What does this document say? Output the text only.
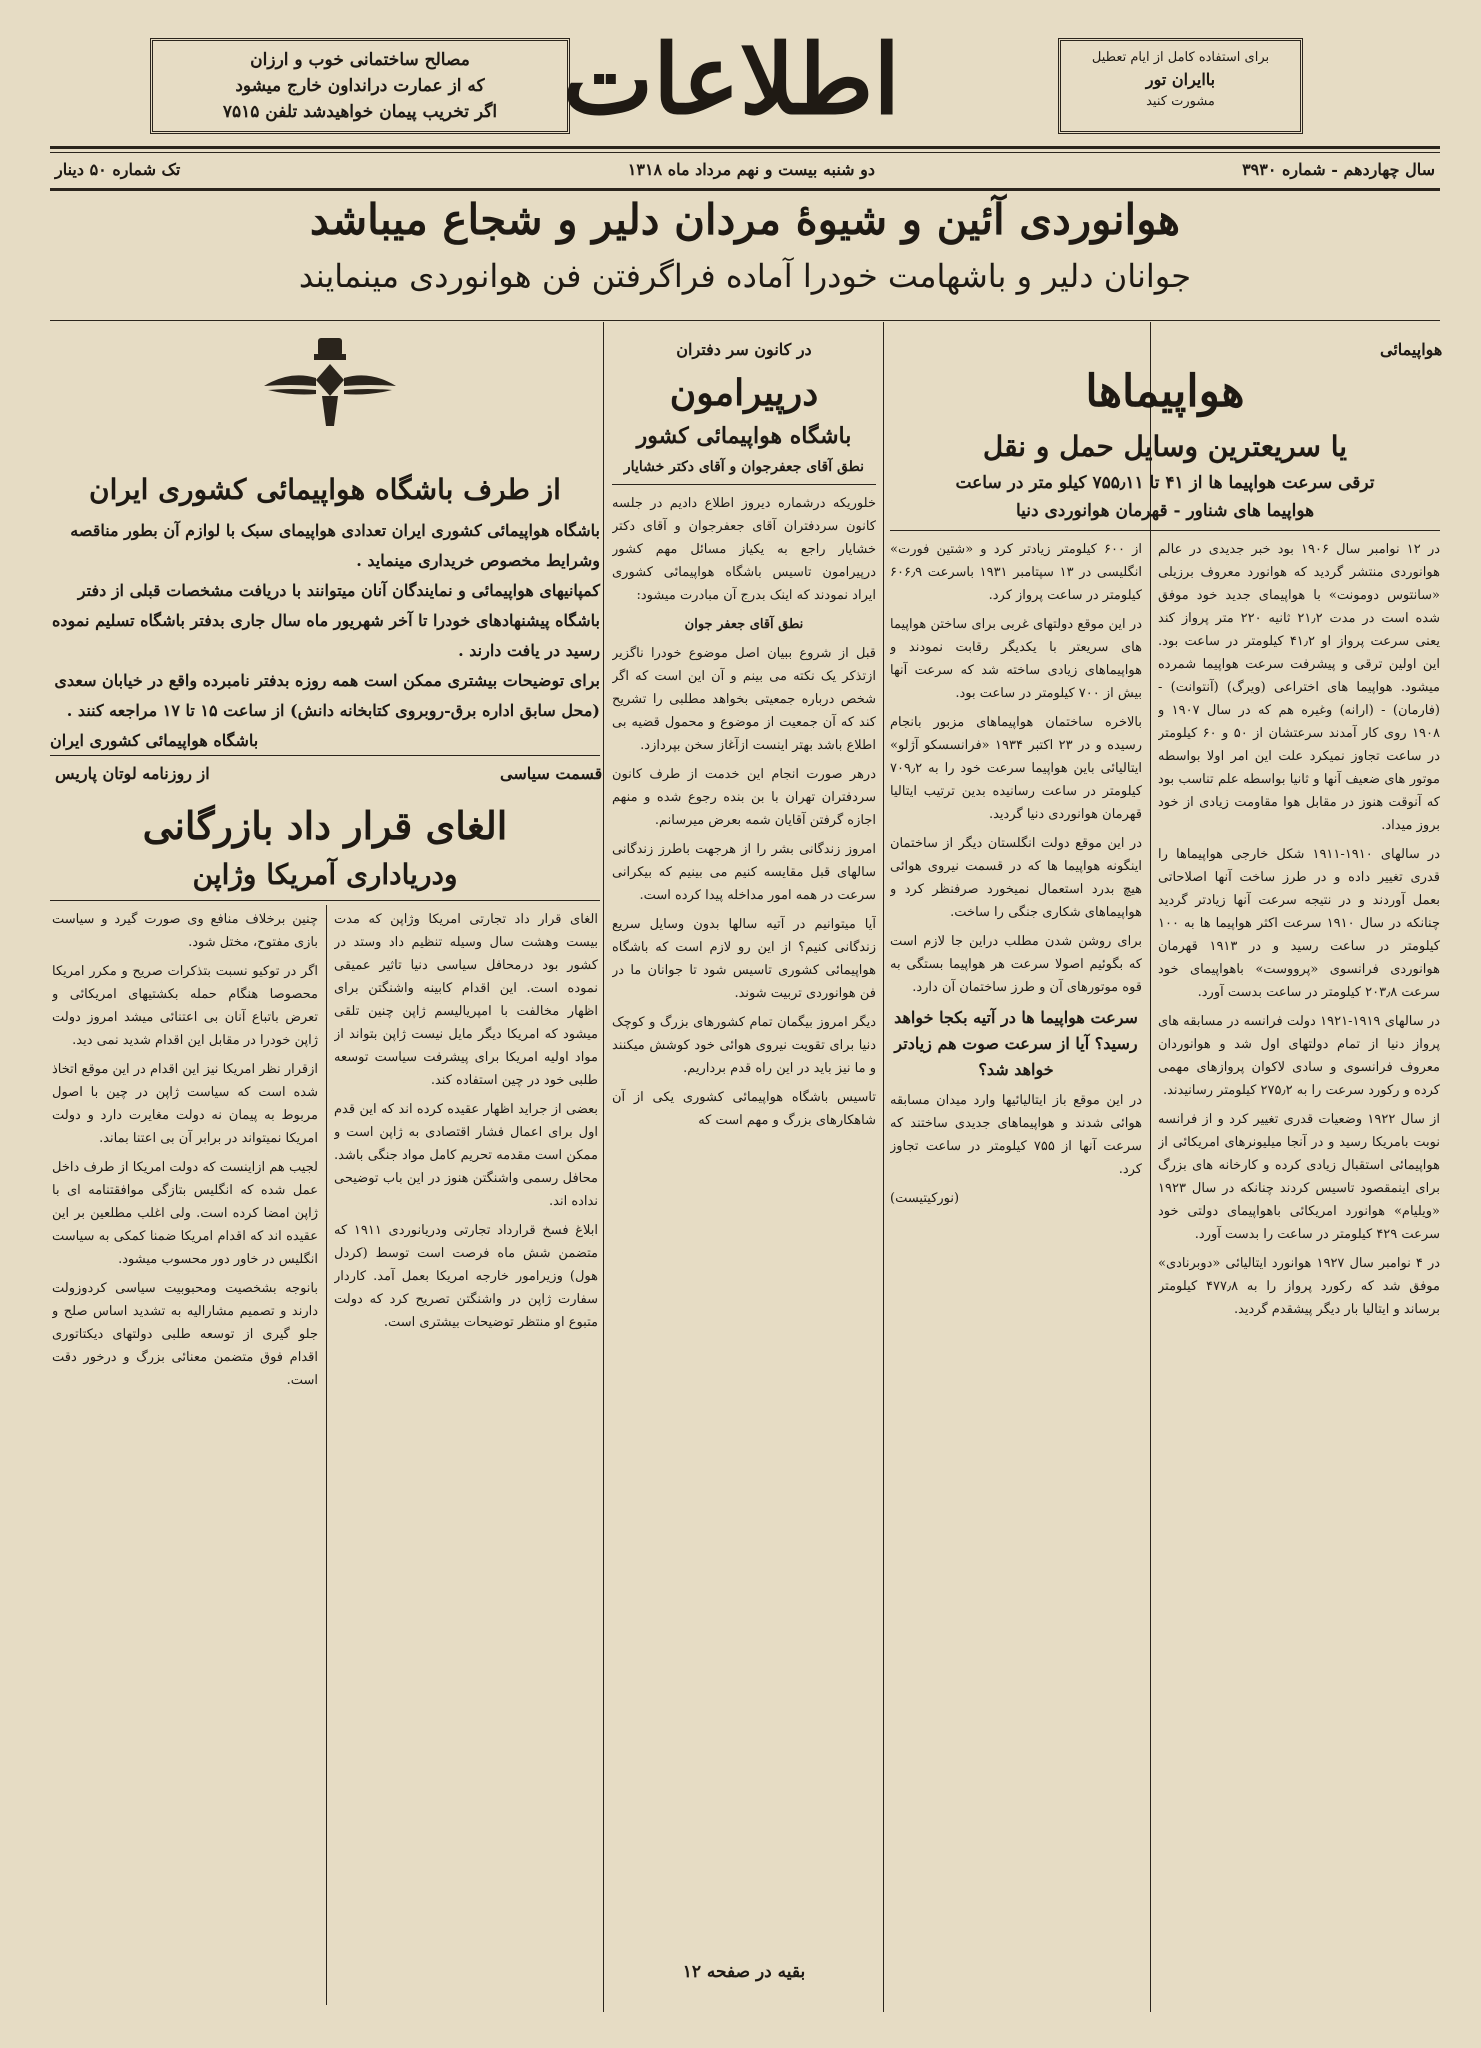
مصالح ساختمانی خوب و ارزان
که از عمارت درانداون خارج میشود
اگر تخریب پیمان خواهیدشد تلفن ۷۵۱۵ اطلاعات	برای استفاده کامل از ایام تعطیل
باایران تور
مشورت کنید
سال چهاردهم - شماره ۳۹۳۰
دو شنبه بیست و نهم مرداد ماه ۱۳۱۸
تک شماره ۵۰ دینار
هوانوردی آئین و شیوهٔ مردان دلیر و شجاع میباشد
جوانان دلیر و باشهامت خودرا آماده فراگرفتن فن هوانوردی مینمایند
هواپیمائی
هواپیماها
یا سریعترین وسایل حمل و نقل
ترقی سرعت هواپیما ها از ۴۱ تا ۷۵۵٫۱۱ کیلو متر در ساعت
هواپیما های شناور - قهرمان هوانوردی دنیا

در ۱۲ نوامبر سال ۱۹۰۶ بود خبر جدیدی در عالم هوانوردی منتشر گردید که هوانورد معروف برزیلی «سانتوس دومونت» با هواپیمای جدید خود موفق شده است در مدت ۲۱٫۲ ثانیه ۲۲۰ متر پرواز کند یعنی سرعت پرواز او ۴۱٫۲ کیلومتر در ساعت بود. این اولین ترقی و پیشرفت سرعت هواپیما شمرده میشود. هواپیما های اختراعی (ویرگ) (آنتوانت) - (فارمان) - (ارانه) وغیره هم که در سال ۱۹۰۷ و ۱۹۰۸ روی کار آمدند سرعتشان از ۵۰ و ۶۰ کیلومتر در ساعت تجاوز نمیکرد علت این امر اولا بواسطه موتور های ضعیف آنها و ثانیا بواسطه علم تناسب بود که آنوقت هنوز در مقابل هوا مقاومت زیادی از خود بروز میداد.

در سالهای ۱۹۱۰-۱۹۱۱ شکل خارجی هواپیماها را قدری تغییر داده و در طرز ساخت آنها اصلاحاتی بعمل آوردند و در نتیجه سرعت آنها زیادتر گردید چنانکه در سال ۱۹۱۰ سرعت اکثر هواپیما ها به ۱۰۰ کیلومتر در ساعت رسید و در ۱۹۱۳ قهرمان هوانوردی فرانسوی «پرووست» باهواپیمای خود سرعت ۲۰۳٫۸ کیلومتر در ساعت بدست آورد.

در سالهای ۱۹۱۹-۱۹۲۱ دولت فرانسه در مسابقه های پرواز دنیا از تمام دولتهای اول شد و هوانوردان معروف فرانسوی و سادی لاکوان پروازهای مهمی کرده و رکورد سرعت را به ۲۷۵٫۲ کیلومتر رسانیدند.

از سال ۱۹۲۲ وضعیات قدری تغییر کرد و از فرانسه نوبت بامریکا رسید و در آنجا میلیونرهای امریکائی از هواپیمائی استقبال زیادی کرده و کارخانه های بزرگ برای اینمقصود تاسیس کردند چنانکه در سال ۱۹۲۳ «ویلیام» هوانورد امریکائی باهواپیمای دولتی خود سرعت ۴۲۹ کیلومتر در ساعت را بدست آورد.

در ۴ نوامبر سال ۱۹۲۷ هوانورد ایتالیائی «دوبرنادی» موفق شد که رکورد پرواز را به ۴۷۷٫۸ کیلومتر برساند و ایتالیا بار دیگر پیشقدم گردید.

از ۶۰۰ کیلومتر زیادتر کرد و «شتین فورت» انگلیسی در ۱۳ سپتامبر ۱۹۳۱ باسرعت ۶۰۶٫۹ کیلومتر در ساعت پرواز کرد.

در این موقع دولتهای غربی برای ساختن هواپیما های سریعتر با یکدیگر رقابت نمودند و هواپیماهای زیادی ساخته شد که سرعت آنها بیش از ۷۰۰ کیلومتر در ساعت بود.

بالاخره ساختمان هواپیماهای مزبور بانجام رسیده و در ۲۳ اکتبر ۱۹۳۴ «فرانسسکو آژلو» ایتالیائی باین هواپیما سرعت خود را به ۷۰۹٫۲ کیلومتر در ساعت رسانیده بدین ترتیب ایتالیا قهرمان هوانوردی دنیا گردید.

در این موقع دولت انگلستان دیگر از ساختمان اینگونه هواپیما ها که در قسمت نیروی هوائی هیچ بدرد استعمال نمیخورد صرفنظر کرد و هواپیماهای شکاری جنگی را ساخت.

برای روشن شدن مطلب دراین جا لازم است که بگوئیم اصولا سرعت هر هواپیما بستگی به قوه موتورهای آن و طرز ساختمان آن دارد.

سرعت هواپیما ها در آتیه بکجا خواهد رسید؟ آیا از سرعت صوت هم زیادتر خواهد شد؟

در این موقع باز ایتالیائیها وارد میدان مسابقه هوائی شدند و هواپیماهای جدیدی ساختند که سرعت آنها از ۷۵۵ کیلومتر در ساعت تجاوز کرد.

(نورکیتیست)

در کانون سر دفتران
درپیرامون
باشگاه هواپیمائی کشور
نطق آقای جعفرجوان و آقای دکتر خشایار

خلوریکه درشماره دیروز اطلاع دادیم در جلسه کانون سردفتران آقای جعفرجوان و آقای دکتر خشایار راجع به یکیاز مسائل مهم کشور درپیرامون تاسیس باشگاه هواپیمائی کشوری ایراد نمودند که اینک بدرج آن مبادرت میشود:

نطق آقای جعفر جوان

قبل از شروع ببیان اصل موضوع خودرا ناگزیر ازتذکر یک نکته می بینم و آن این است که اگر شخص درباره جمعیتی بخواهد مطلبی را تشریح کند که آن جمعیت از موضوع و محمول قضیه بی اطلاع باشد بهتر اینست ازآغاز سخن بپردازد.

درهر صورت انجام این خدمت از طرف کانون سردفتران تهران با بن بنده رجوع شده و منهم اجازه گرفتن آقایان شمه بعرض میرسانم.

امروز زندگانی بشر را از هرجهت باطرز زندگانی سالهای قبل مقایسه کنیم می بینیم که بیکرانی سرعت در همه امور مداخله پیدا کرده است.

آیا میتوانیم در آتیه سالها بدون وسایل سریع زندگانی کنیم؟ از این رو لازم است که باشگاه هواپیمائی کشوری تاسیس شود تا جوانان ما در فن هوانوردی تربیت شوند.

دیگر امروز بیگمان تمام کشورهای بزرگ و کوچک دنیا برای تقویت نیروی هوائی خود کوشش میکنند و ما نیز باید در این راه قدم برداریم.

تاسیس باشگاه هواپیمائی کشوری یکی از آن شاهکارهای بزرگ و مهم است که

بقیه در صفحه ۱۲
از طرف باشگاه هواپیمائی کشوری ایران

باشگاه هواپیمائی کشوری ایران تعدادی هواپیمای سبک با لوازم آن بطور مناقصه وشرایط مخصوص خریداری مینماید .

کمپانیهای هواپیمائی و نمایندگان آنان میتوانند با دریافت مشخصات قبلی از دفتر باشگاه پیشنهادهای خودرا تا آخر شهریور ماه سال جاری بدفتر باشگاه تسلیم نموده رسید در یافت دارند .

برای توضیحات بیشتری ممکن است همه روزه بدفتر نامبرده واقع در خیابان سعدی (محل سابق اداره برق-روبروی کتابخانه دانش) از ساعت ۱۵ تا ۱۷ مراجعه کنند .

باشگاه هواپیمائی کشوری ایران

قسمت سیاسی
از روزنامه لوتان پاریس
الغای قرار داد بازرگانی
ودریاداری آمریکا وژاپن

الغای قرار داد تجارتی امریکا وژاپن که مدت بیست وهشت سال وسیله تنظیم داد وستد در کشور بود درمحافل سیاسی دنیا تاثیر عمیقی نموده است. این اقدام کابینه واشنگتن برای اظهار مخالفت با امپریالیسم ژاپن چنین تلقی میشود که امریکا دیگر مایل نیست ژاپن بتواند از مواد اولیه امریکا برای پیشرفت سیاست توسعه طلبی خود در چین استفاده کند.

بعضی از جراید اظهار عقیده کرده اند که این قدم اول برای اعمال فشار اقتصادی به ژاپن است و ممکن است مقدمه تحریم کامل مواد جنگی باشد. محافل رسمی واشنگتن هنوز در این باب توضیحی نداده اند.

ابلاغ فسخ قرارداد تجارتی ودریانوردی ۱۹۱۱ که متضمن شش ماه فرصت است توسط (کردل هول) وزیرامور خارجه امریکا بعمل آمد. کاردار سفارت ژاپن در واشنگتن تصریح کرد که دولت متبوع او منتظر توضیحات بیشتری است.

چنین برخلاف منافع وی صورت گیرد و سیاست بازی مفتوح، مختل شود.

اگر در توکیو نسبت بتذکرات صریح و مکرر امریکا محصوصا هنگام حمله بکشتیهای امریکائی و تعرض باتباع آنان بی اعتنائی میشد امروز دولت ژاپن خودرا در مقابل این اقدام شدید نمی دید.

ازقرار نظر امریکا نیز این اقدام در این موقع اتخاذ شده است که سیاست ژاپن در چین با اصول مربوط به پیمان نه دولت مغایرت دارد و دولت امریکا نمیتواند در برابر آن بی اعتنا بماند.

لجیب هم ازاینست که دولت امریکا از طرف داخل عمل شده که انگلیس بتازگی موافقتنامه ای با ژاپن امضا کرده است. ولی اغلب مطلعین بر این عقیده اند که اقدام امریکا ضمنا کمکی به سیاست انگلیس در خاور دور محسوب میشود.

بانوجه بشخصیت ومحبوبیت سیاسی کردوزولت دارند و تصمیم مشارالیه به تشدید اساس صلح و جلو گیری از توسعه طلبی دولتهای دیکتاتوری اقدام فوق متضمن معنائی بزرگ و درخور دقت است.
